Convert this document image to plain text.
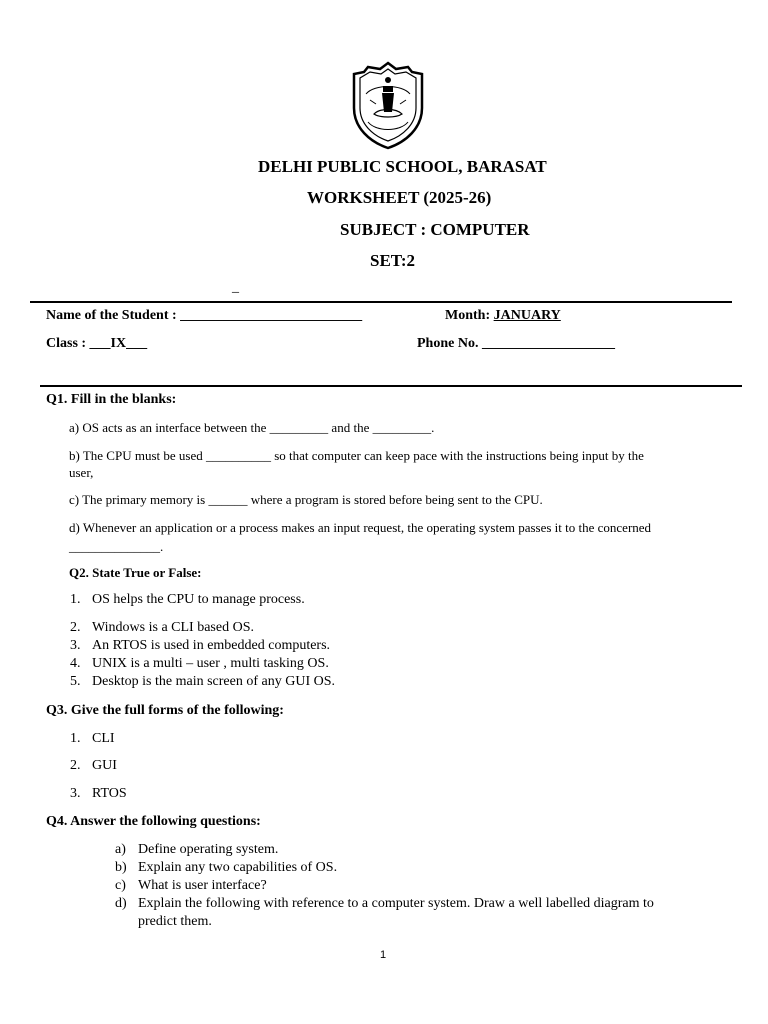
DELHI PUBLIC SCHOOL, BARASAT
WORKSHEET (2025-26)
SUBJECT : COMPUTER
SET:2
_
Name of the Student : __________________________	Month: JANUARY
Class : ___IX___	Phone No. ___________________
Q1. Fill in the blanks:
a) OS acts as an interface between the _________ and the _________.
b) The CPU must be used __________ so that computer can keep pace with the instructions being input by the
user,
c) The primary memory is ______ where a program is stored before being sent to the CPU.
d) Whenever an application or a process makes an input request, the operating system passes it to the concerned
______________.
Q2. State True or False:
1. OS helps the CPU to manage process.
2. Windows is a CLI based OS.
3. An RTOS is used in embedded computers.
4. UNIX is a multi – user , multi tasking OS.
5. Desktop is the main screen of any GUI OS.
Q3. Give the full forms of the following:
1. CLI
2. GUI
3. RTOS
Q4. Answer the following questions:
a) Define operating system.
b) Explain any two capabilities of OS.
c) What is user interface?
d) Explain the following with reference to a computer system. Draw a well labelled diagram to
predict them.
1
